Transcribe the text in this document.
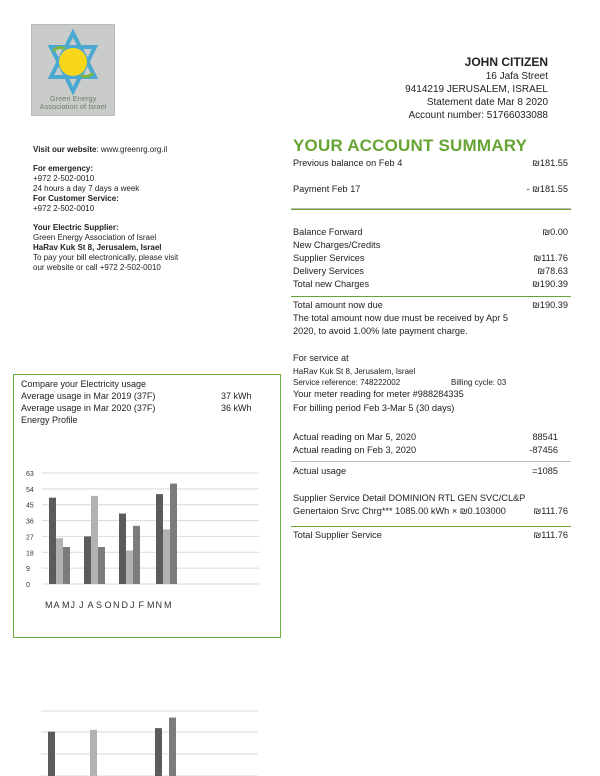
Green Energy
Association of Israel
JOHN CITIZEN
16 Jafa Street
9414219 JERUSALEM, ISRAEL
Statement date Mar 8 2020
Account number: 51766033088
Visit our website: www.greenrg.org.il
For emergency:
+972 2-502-0010
24 hours a day 7 days a week
For Customer Service:
+972 2-502-0010
Your Electric Supplier:
Green Energy Association of Israel
HaRav Kuk St 8, Jerusalem, Israel
To pay your bill electronically, please visit
our website or call +972 2-502-0010
YOUR ACCOUNT SUMMARY
Previous balance on Feb 4	₪181.55
Payment Feb 17	- ₪181.55
Balance Forward	₪0.00
New Charges/Credits
Supplier Services	₪111.76
Delivery Services	₪78.63
Total new Charges	₪190.39
Total amount now due	₪190.39
The total amount now due must be received by Apr 5
2020, to avoid 1.00% late payment charge.
For service at
HaRav Kuk St 8, Jerusalem, Israel
Service reference: 748222002	Billing cycle: 03
Your meter reading for meter #988284335
For billing period Feb 3-Mar 5 (30 days)
Actual reading on Mar 5, 2020	88541
Actual reading on Feb 3, 2020	-87456
Actual usage	=1085
Supplier Service Detail DOMINION RTL GEN SVC/CL&P
Genertaion Srvc Chrg*** 1085.00 kWh × ₪0.103000	₪111.76
Total Supplier Service	₪111.76
Compare your Electricity usage
Average usage in Mar 2019 (37F)	37 kWh
Average usage in Mar 2020 (37F)	36 kWh
Energy Profile
0
9
18
27
36
45
54
63
M A M J J A S O N D J F M N M
